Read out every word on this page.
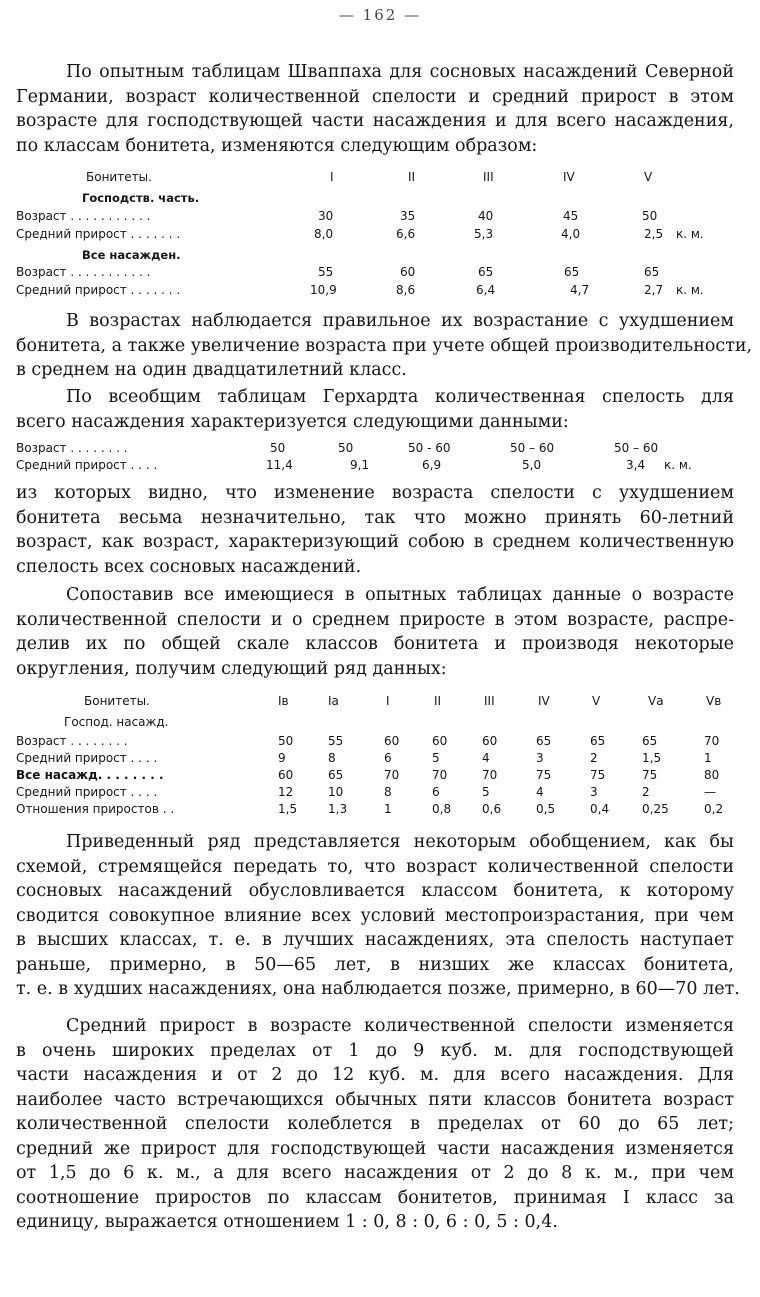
— 162 —
По опытным таблицам Шваппаха для сосновых насаждений Северной
Германии, возраст количественной спелости и средний прирост в этом
возрасте для господствующей части насаждения и для всего насаждения,
по классам бонитета, изменяются следующим образом:
Бонитеты.	I	II	III	IV	V
Господств. часть.
Возраст . . . . . . . . . . .	30	35	40	45	50
Средний прирост . . . . . . .	8,0	6,6	5,3	4,0	2,5 к. м.
Все насажден.
Возраст . . . . . . . . . . .	55	60	65	65	65
Средний прирост . . . . . . .	10,9	8,6	6,4	4,7	2,7 к. м.
В возрастах наблюдается правильное их возрастание с ухудшением
бонитета, а также увеличение возраста при учете общей производительности,
в среднем на один двадцатилетний класс.
По всеобщим таблицам Герхардта количественная спелость для
всего насаждения характеризуется следующими данными:
Возраст . . . . . . . .	50	50	50 - 60	50 – 60	50 – 60
Средний прирост . . . .	11,4	9,1	6,9	5,0	3,4 к. м.
из которых видно, что изменение возраста спелости с ухудшением
бонитета весьма незначительно, так что можно принять 60-летний
возраст, как возраст, характеризующий собою в среднем количественную
спелость всех сосновых насаждений.
Сопоставив все имеющиеся в опытных таблицах данные о возрасте
количественной спелости и о среднем приросте в этом возрасте, распре-
делив их по общей скале классов бонитета и производя некоторые
округления, получим следующий ряд данных:
Бонитеты.	Iв	Iа	I	II	III	IV	V	Vа	Vв
Господ. насажд.
Возраст . . . . . . . .	50	55	60	60	60	65	65	65	70
Средний прирост . . . .	9	8	6	5	4	3	2	1,5	1
Все насажд. . . . . . . .	60	65	70	70	70	75	75	75	80
Средний прирост . . . .	12	10	8	6	5	4	3	2	—
Отношения приростов . .	1,5	1,3	1	0,8	0,6	0,5	0,4	0,25	0,2
Приведенный ряд представляется некоторым обобщением, как бы
схемой, стремящейся передать то, что возраст количественной спелости
сосновых насаждений обусловливается классом бонитета, к которому
сводится совокупное влияние всех условий местопроизрастания, при чем
в высших классах, т. е. в лучших насаждениях, эта спелость наступает
раньше, примерно, в 50—65 лет, в низших же классах бонитета,
т. е. в худших насаждениях, она наблюдается позже, примерно, в 60—70 лет.
Средний прирост в возрасте количественной спелости изменяется
в очень широких пределах от 1 до 9 куб. м. для господствующей
части насаждения и от 2 до 12 куб. м. для всего насаждения. Для
наиболее часто встречающихся обычных пяти классов бонитета возраст
количественной спелости колеблется в пределах от 60 до 65 лет;
средний же прирост для господствующей части насаждения изменяется
от 1,5 до 6 к. м., а для всего насаждения от 2 до 8 к. м., при чем
соотношение приростов по классам бонитетов, принимая I класс за
единицу, выражается отношением 1 : 0, 8 : 0, 6 : 0, 5 : 0,4.
